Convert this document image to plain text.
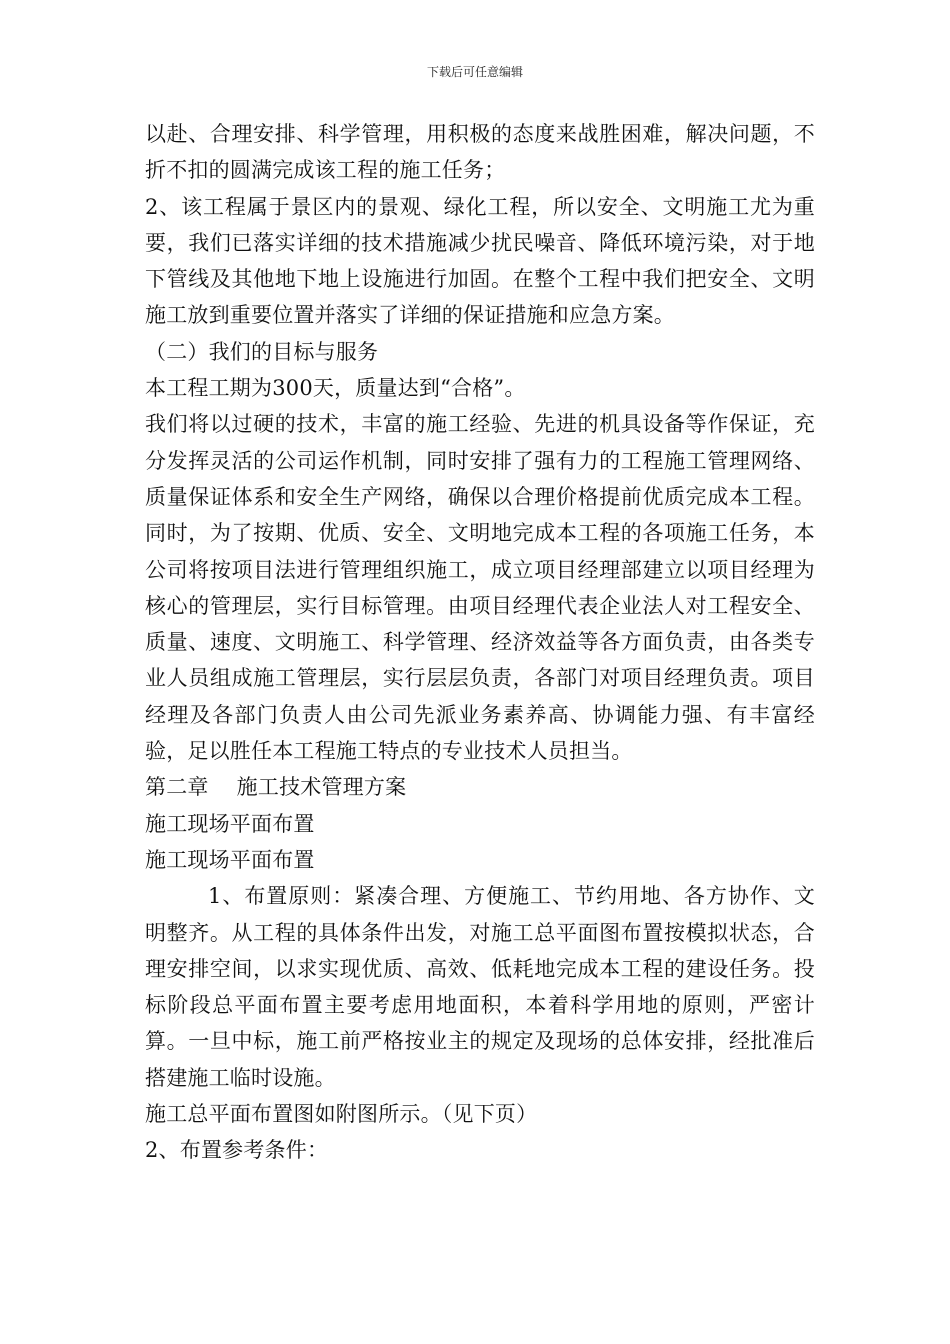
下载后可任意编辑

以赴、合理安排、科学管理，用积极的态度来战胜困难，解决问题，不折不扣的圆满完成该工程的施工任务；

2、该工程属于景区内的景观、绿化工程，所以安全、文明施工尤为重要，我们已落实详细的技术措施减少扰民噪音、降低环境污染，对于地下管线及其他地下地上设施进行加固。在整个工程中我们把安全、文明施工放到重要位置并落实了详细的保证措施和应急方案。

（二）我们的目标与服务

本工程工期为300天，质量达到“合格”。

我们将以过硬的技术，丰富的施工经验、先进的机具设备等作保证，充分发挥灵活的公司运作机制，同时安排了强有力的工程施工管理网络、质量保证体系和安全生产网络，确保以合理价格提前优质完成本工程。同时，为了按期、优质、安全、文明地完成本工程的各项施工任务，本公司将按项目法进行管理组织施工，成立项目经理部建立以项目经理为核心的管理层，实行目标管理。由项目经理代表企业法人对工程安全、质量、速度、文明施工、科学管理、经济效益等各方面负责，由各类专业人员组成施工管理层，实行层层负责，各部门对项目经理负责。项目经理及各部门负责人由公司先派业务素养高、协调能力强、有丰富经验，足以胜任本工程施工特点的专业技术人员担当。

第二章　 施工技术管理方案

施工现场平面布置

施工现场平面布置

1、布置原则：紧凑合理、方便施工、节约用地、各方协作、文明整齐。从工程的具体条件出发，对施工总平面图布置按模拟状态，合理安排空间，以求实现优质、高效、低耗地完成本工程的建设任务。投标阶段总平面布置主要考虑用地面积，本着科学用地的原则，严密计算。一旦中标，施工前严格按业主的规定及现场的总体安排，经批准后搭建施工临时设施。

施工总平面布置图如附图所示。（见下页）

2、布置参考条件：
